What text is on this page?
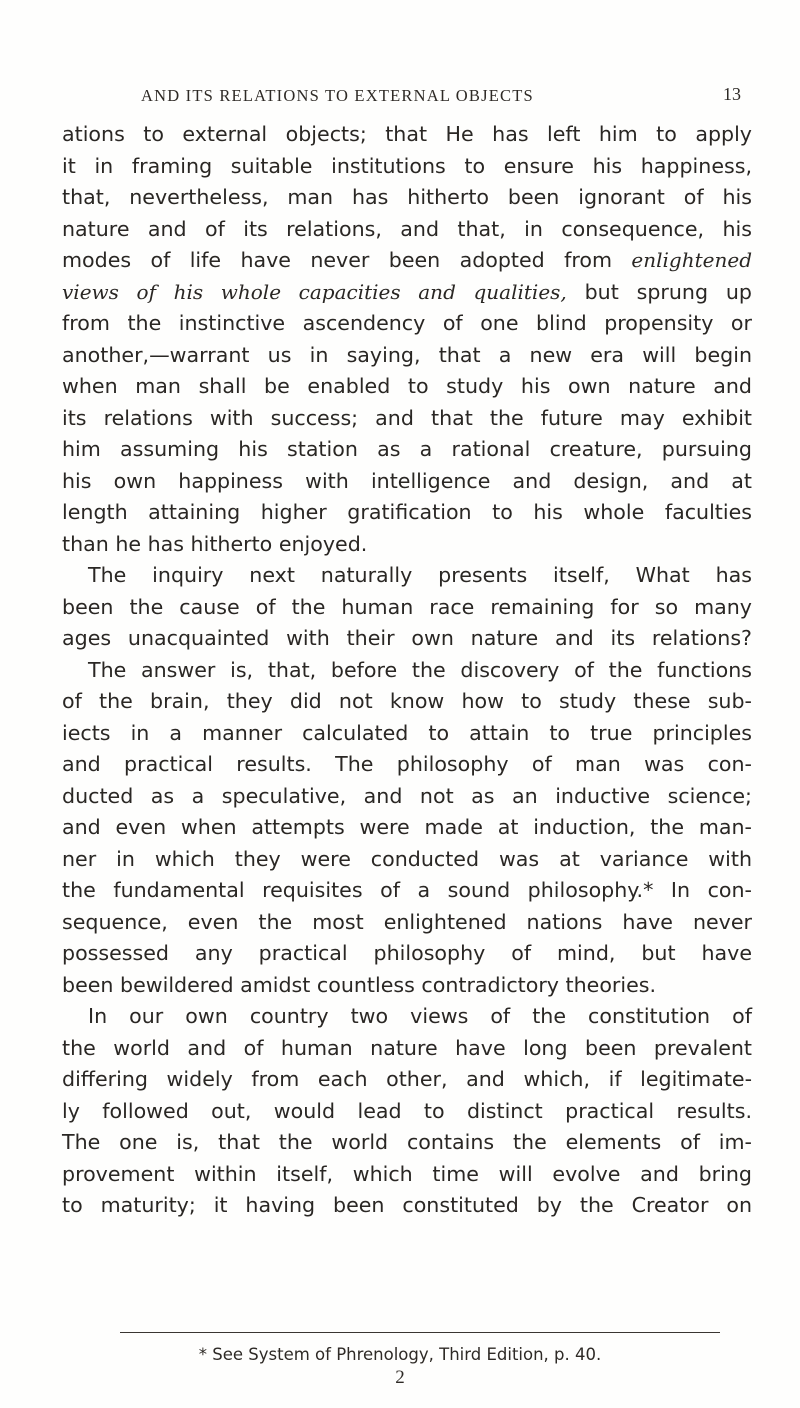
AND ITS RELATIONS TO EXTERNAL OBJECTS	13
ations to external objects; that He has left him to apply
it in framing suitable institutions to ensure his happiness,
that, nevertheless, man has hitherto been ignorant of his
nature and of its relations, and that, in consequence, his
modes of life have never been adopted from enlightened
views of his whole capacities and qualities, but sprung up
from the instinctive ascendency of one blind propensity or
another,—warrant us in saying, that a new era will begin
when man shall be enabled to study his own nature and
its relations with success; and that the future may exhibit
him assuming his station as a rational creature, pursuing
his own happiness with intelligence and design, and at
length attaining higher gratification to his whole faculties
than he has hitherto enjoyed.
The inquiry next naturally presents itself, What has
been the cause of the human race remaining for so many
ages unacquainted with their own nature and its relations?
The answer is, that, before the discovery of the functions
of the brain, they did not know how to study these sub-
iects in a manner calculated to attain to true principles
and practical results. The philosophy of man was con-
ducted as a speculative, and not as an inductive science;
and even when attempts were made at induction, the man-
ner in which they were conducted was at variance with
the fundamental requisites of a sound philosophy.* In con-
sequence, even the most enlightened nations have never
possessed any practical philosophy of mind, but have
been bewildered amidst countless contradictory theories.
In our own country two views of the constitution of
the world and of human nature have long been prevalent
differing widely from each other, and which, if legitimate-
ly followed out, would lead to distinct practical results.
The one is, that the world contains the elements of im-
provement within itself, which time will evolve and bring
to maturity; it having been constituted by the Creator on
* See System of Phrenology, Third Edition, p. 40.
2
